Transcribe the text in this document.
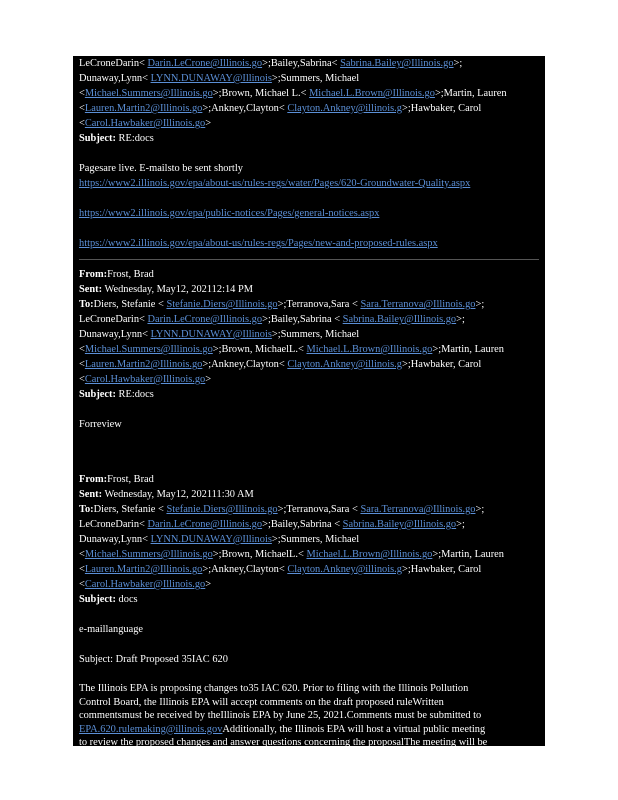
LeCroneDarin< Darin.LeCrone@Illinois.go>;Bailey,Sabrina< Sabrina.Bailey@Illinois.go>;
Dunaway,Lynn< LYNN.DUNAWAY@Illinois>;Summers, Michael
<Michael.Summers@Illinois.go>;Brown, Michael L.< Michael.L.Brown@Illinois.go>;Martin, Lauren
<Lauren.Martin2@Illinois.go>;Ankney,Clayton< Clayton.Ankney@illinois.g>;Hawbaker, Carol
<Carol.Hawbaker@Illinois.go>
Subject: RE:docs
Pagesare live. E-mailsto be sent shortly
https://www2.illinois.gov/epa/about-us/rules-regs/water/Pages/620-Groundwater-Quality.aspx
https://www2.illinois.gov/epa/public-notices/Pages/general-notices.aspx
https://www2.illinois.gov/epa/about-us/rules-regs/Pages/new-and-proposed-rules.aspx
From:Frost, Brad
Sent: Wednesday, May12, 202112:14 PM
To:Diers, Stefanie < Stefanie.Diers@Illinois.go>;Terranova,Sara < Sara.Terranova@Illinois.go>;
LeCroneDarin< Darin.LeCrone@Illinois.go>;Bailey,Sabrina < Sabrina.Bailey@Illinois.go>;
Dunaway,Lynn< LYNN.DUNAWAY@Illinois>;Summers, Michael
<Michael.Summers@Illinois.go>;Brown, MichaelL.< Michael.L.Brown@Illinois.go>;Martin, Lauren
<Lauren.Martin2@Illinois.go>;Ankney,Clayton< Clayton.Ankney@illinois.g>;Hawbaker, Carol
<Carol.Hawbaker@Illinois.go>
Subject: RE:docs
Forreview
From:Frost, Brad
Sent: Wednesday, May12, 202111:30 AM
To:Diers, Stefanie < Stefanie.Diers@Illinois.go>;Terranova,Sara < Sara.Terranova@Illinois.go>;
LeCroneDarin< Darin.LeCrone@Illinois.go>;Bailey,Sabrina < Sabrina.Bailey@Illinois.go>;
Dunaway,Lynn< LYNN.DUNAWAY@Illinois>;Summers, Michael
<Michael.Summers@Illinois.go>;Brown, MichaelL.< Michael.L.Brown@Illinois.go>;Martin, Lauren
<Lauren.Martin2@Illinois.go>;Ankney,Clayton< Clayton.Ankney@illinois.g>;Hawbaker, Carol
<Carol.Hawbaker@Illinois.go>
Subject: docs
e-maillanguage
Subject: Draft Proposed 35IAC 620
The Illinois EPA is proposing changes to35 IAC 620. Prior to filing with the Illinois Pollution
Control Board, the Illinois EPA will accept comments on the draft proposed ruleWritten
commentsmust be received by theIllinois EPA by June 25, 2021.Comments must be submitted to
EPA.620.rulemaking@illinois.govAdditionally, the Illinois EPA will host a virtual public meeting
to review the proposed changes and answer questions concerning the proposalThe meeting will be
